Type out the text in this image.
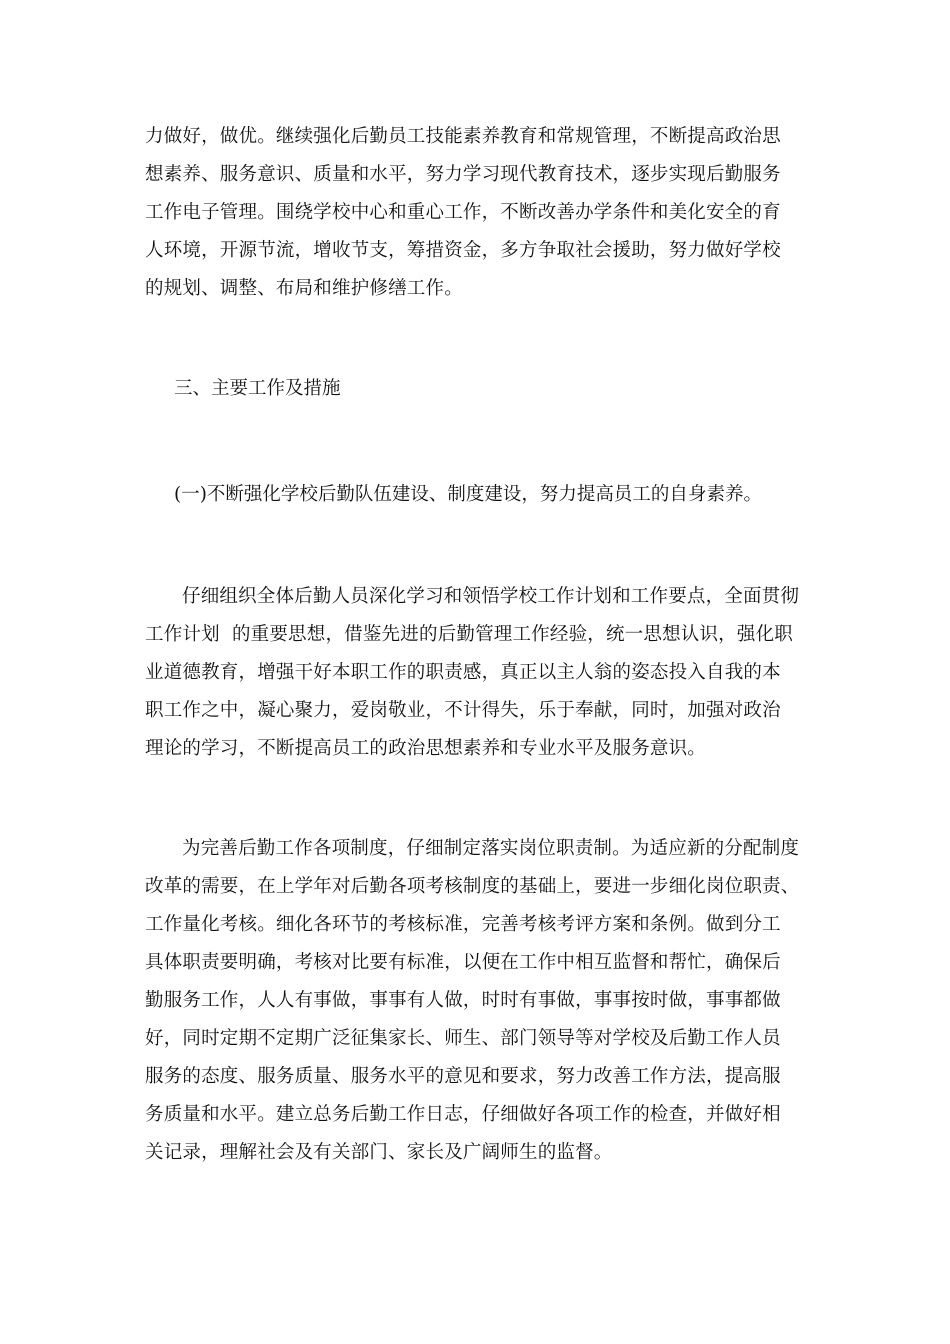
力做好，做优。继续强化后勤员工技能素养教育和常规管理，不断提高政治思
想素养、服务意识、质量和水平，努力学习现代教育技术，逐步实现后勤服务
工作电子管理。围绕学校中心和重心工作，不断改善办学条件和美化安全的育
人环境，开源节流，增收节支，筹措资金，多方争取社会援助，努力做好学校
的规划、调整、布局和维护修缮工作。
三、主要工作及措施
(一)不断强化学校后勤队伍建设、制度建设，努力提高员工的自身素养。
仔细组织全体后勤人员深化学习和领悟学校工作计划和工作要点，全面贯彻
工作计划  的重要思想，借鉴先进的后勤管理工作经验，统一思想认识，强化职
业道德教育，增强干好本职工作的职责感，真正以主人翁的姿态投入自我的本
职工作之中，凝心聚力，爱岗敬业，不计得失，乐于奉献，同时，加强对政治
理论的学习，不断提高员工的政治思想素养和专业水平及服务意识。
为完善后勤工作各项制度，仔细制定落实岗位职责制。为适应新的分配制度
改革的需要，在上学年对后勤各项考核制度的基础上，要进一步细化岗位职责、
工作量化考核。细化各环节的考核标准，完善考核考评方案和条例。做到分工
具体职责要明确，考核对比要有标准，以便在工作中相互监督和帮忙，确保后
勤服务工作，人人有事做，事事有人做，时时有事做，事事按时做，事事都做
好，同时定期不定期广泛征集家长、师生、部门领导等对学校及后勤工作人员
服务的态度、服务质量、服务水平的意见和要求，努力改善工作方法，提高服
务质量和水平。建立总务后勤工作日志，仔细做好各项工作的检查，并做好相
关记录，理解社会及有关部门、家长及广阔师生的监督。
